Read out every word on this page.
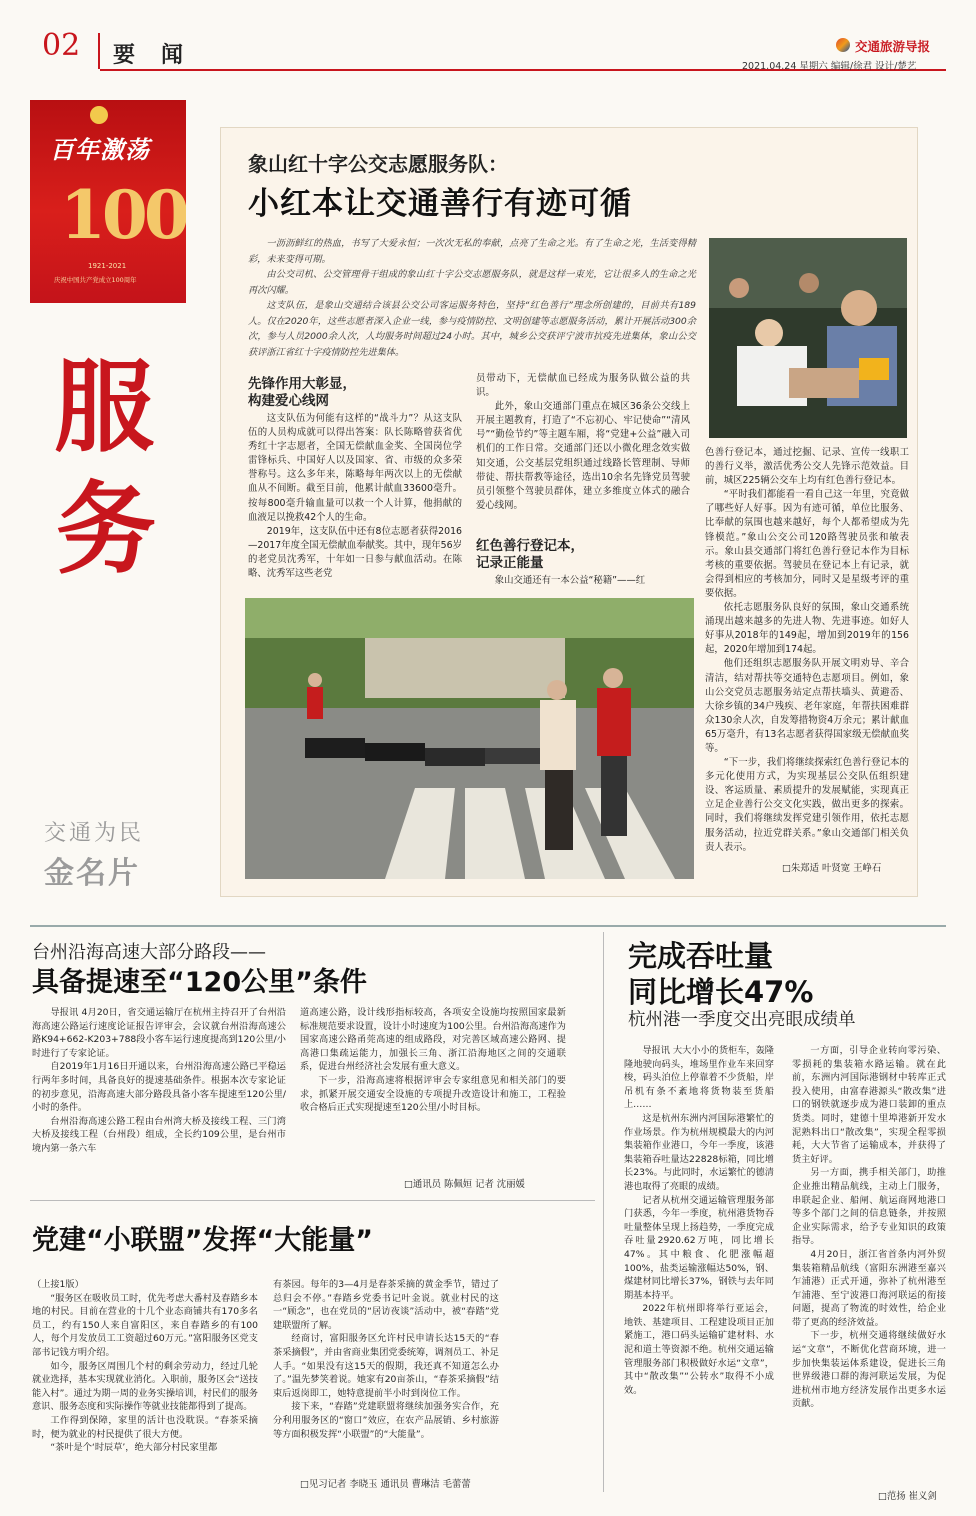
02 要　闻	交通旅游导报
2021.04.24 星期六 编辑/徐君 设计/楚艺
百年激荡
100
1921-2021
庆祝中国共产党成立100周年
服
务
交通为民
金名片
象山红十字公交志愿服务队：
小红本让交通善行有迹可循

一沥沥鲜红的热血，书写了大爱永恒；一次次无私的奉献，点亮了生命之光。有了生命之光，生活变得精彩，未来变得可期。

由公交司机、公交管理骨干组成的象山红十字公交志愿服务队，就是这样一束光，它让很多人的生命之光再次闪耀。

这支队伍，是象山交通结合该县公交公司客运服务特色，坚持“红色善行”理念所创建的，目前共有189人。仅在2020年，这些志愿者深入企业一线，参与疫情防控、文明创建等志愿服务活动，累计开展活动300余次，参与人员2000余人次，人均服务时间超过24小时。其中，城乡公交获评宁波市抗疫先进集体，象山公交获评浙江省红十字疫情防控先进集体。

先锋作用大彰显，
构建爱心线网

这支队伍为何能有这样的“战斗力”？从这支队伍的人员构成就可以得出答案：队长陈略曾获省优秀红十字志愿者，全国无偿献血金奖、全国岗位学雷锋标兵、中国好人以及国家、省、市级的众多荣誉称号。这么多年来，陈略每年两次以上的无偿献血从不间断。截至目前，他累计献血33600毫升。按每800毫升输血量可以救一个人计算，他捐献的血液足以挽救42个人的生命。

2019年，这支队伍中还有8位志愿者获得2016—2017年度全国无偿献血奉献奖。其中，现年56岁的老党员沈秀军，十年如一日参与献血活动。在陈略、沈秀军这些老党

员带动下，无偿献血已经成为服务队做公益的共识。

此外，象山交通部门重点在城区36条公交线上开展主题教育，打造了“不忘初心、牢记使命”“清风号”“勤俭节约”等主题车厢，将“党建+公益”融入司机们的工作日常。交通部门还以小微化理念效实做知交通，公交基层党组织通过线路长管理制、导师带徒、帮扶帮教等途径，选出10余名先锋党员驾驶员引领整个驾驶员群体，建立多维度立体式的融合爱心线网。

红色善行登记本，
记录正能量

象山交通还有一本公益“秘籍”——红

色善行登记本，通过挖掘、记录、宣传一线职工的善行义举，激活优秀公交人先锋示范效益。目前，城区225辆公交车上均有红色善行登记本。

“平时我们都能看一看自己这一年里，究竟做了哪些好人好事。因为有迹可循，单位比服务、比奉献的氛围也越来越好，每个人都希望成为先锋模范。”象山公交公司120路驾驶员张和敏表示。象山县交通部门将红色善行登记本作为目标考核的重要依据。驾驶员在登记本上有记录，就会得到相应的考核加分，同时又是星级考评的重要依据。

依托志愿服务队良好的氛围，象山交通系统涌现出越来越多的先进人物、先进事迹。如好人好事从2018年的149起，增加到2019年的156起，2020年增加到174起。

他们还组织志愿服务队开展文明劝导、辛合清洁，结对帮扶等交通特色志愿项目。例如，象山公交党员志愿服务站定点帮扶墙头、黄避岙、大徐乡镇的34户残疾、老年家庭，年帮扶困难群众130余人次，自发筹措物资4万余元；累计献血65万毫升，有13名志愿者获得国家级无偿献血奖等。

“下一步，我们将继续探索红色善行登记本的多元化使用方式，为实现基层公交队伍组织建设、客运质量、素质提升的发展赋能，实现真正立足企业善行公交文化实践，做出更多的探索。同时，我们将继续发挥党建引领作用，依托志愿服务活动，拉近党群关系。”象山交通部门相关负责人表示。

□朱郑适 叶贤宽 王峥石
台州沿海高速大部分路段——
具备提速至“120公里”条件

导报讯 4月20日，省交通运输厅在杭州主持召开了台州沿海高速公路运行速度论证报告评审会，会议就台州沿海高速公路K94+662-K203+788段小客车运行速度提高到120公里/小时进行了专家论证。

自2019年1月16日开通以来，台州沿海高速公路已平稳运行两年多时间，具备良好的提速基础条件。根据本次专家论证的初步意见，沿海高速大部分路段具备小客车提速至120公里/小时的条件。

台州沿海高速公路工程由台州湾大桥及接线工程、三门湾大桥及接线工程（台州段）组成，全长约109公里，是台州市境内第一条六车

道高速公路，设计线形指标较高，各项安全设施均按照国家最新标准规范要求设置，设计小时速度为100公里。台州沿海高速作为国家高速公路甬莞高速的组成路段，对完善区域高速公路网、提高港口集疏运能力，加强长三角、浙江沿海地区之间的交通联系，促进台州经济社会发展有重大意义。

下一步，沿海高速将根据评审会专家组意见和相关部门的要求，抓紧开展交通安全设施的专项提升改造设计和施工，工程验收合格后正式实现提速至120公里/小时目标。

□通讯员 陈佩姮 记者 沈丽媛
党建“小联盟”发挥“大能量”

（上接1版）

“服务区在吸收员工时，优先考虑大番村及春踏乡本地的村民。目前在营业的十几个业态商铺共有170多名员工，约有150人来自富阳区，来自春踏乡的有100人，每个月发放员工工资超过60万元。”富阳服务区党支部书记钱方明介绍。

如今，服务区周围几个村的剩余劳动力，经过几轮就业选择，基本实现就业消化。入职前，服务区会“送技能入村”。通过为期一周的业务实操培训，村民们的服务意识、服务态度和实际操作等就业技能都得到了提高。

工作得到保障，家里的活计也没耽误。“春茶采摘时，便为就业的村民提供了很大方便。

“茶叶是个‘时辰草’，绝大部分村民家里都

有茶园。每年的3—4月是春茶采摘的黄金季节，错过了总归会不停。”春踏乡党委书记叶金说。就业村民的这一“顾念”，也在党员的“居访夜谈”活动中，被“春踏”党建联盟所了解。

经商讨，富阳服务区允许村民申请长达15天的“春茶采摘假”，并由省商业集团党委统筹，调剂员工、补足人手。“如果没有这15天的假期，我还真不知道怎么办了。”温先梦笑着说。她家有20亩茶山，“春茶采摘假”结束后返岗即工，她特意提前半小时到岗位工作。

接下来，“春踏”党建联盟将继续加强务实合作，充分利用服务区的“窗口”效应，在农产品展销、乡村旅游等方面积极发挥“小联盟”的“大能量”。

□见习记者 李晓玉 通讯员 曹琳洁 毛蕾蕾
完成吞吐量
同比增长47%
杭州港一季度交出亮眼成绩单

导报讯 大大小小的货柜车，轰隆隆地驶向码头，堆场里作业车来回穿梭，码头泊位上停靠着不少货船，岸吊机有条不紊地将货物装至货船上……

这是杭州东洲内河国际港繁忙的作业场景。作为杭州规模最大的内河集装箱作业港口，今年一季度，该港集装箱吞吐量达22828标箱，同比增长23%。与此同时，水运繁忙的德清港也取得了亮眼的成绩。

记者从杭州交通运输管理服务部门获悉，今年一季度，杭州港货物吞吐量整体呈现上扬趋势，一季度完成吞吐量2920.62万吨，同比增长47%。其中粮食、化肥涨幅超100%，盐类运输涨幅达50%，钢、煤建材同比增长37%，钢铁与去年同期基本持平。

2022年杭州即将举行亚运会，地铁、基建项目、工程建设项目正加紧施工，港口码头运输矿建材料、水泥和道土等资源不绝。杭州交通运输管理服务部门积极做好水运“文章”，其中“散改集”“公转水”取得不小成效。

一方面，引导企业转向零污染、零损耗的集装箱水路运输。就在此前，东洲内河国际港钢材中转库正式投入使用，由富春港源头“散改集”进口的钢铁就逐步成为港口装卸的重点货类。同时，建德十里埠港新开发水泥熟料出口“散改集”，实现全程零损耗，大大节省了运输成本，并获得了货主好评。

另一方面，携手相关部门，助推企业推出精品航线，主动上门服务，串联起企业、船闸、航运商网地港口等多个部门之间的信息链条，并按照企业实际需求，给予专业知识的政策指导。

4月20日，浙江省首条内河外贸集装箱精品航线（富阳东洲港至嘉兴乍浦港）正式开通，弥补了杭州港至乍浦港、至宁波港口海河联运的衔接问题，提高了物流的时效性，给企业带了更高的经济效益。

下一步，杭州交通将继续做好水运“文章”，不断优化营商环境，进一步加快集装运体系建设，促进长三角世界级港口群的海河联运发展，为促进杭州市地方经济发展作出更多水运贡献。

□范扬 崔义剑
